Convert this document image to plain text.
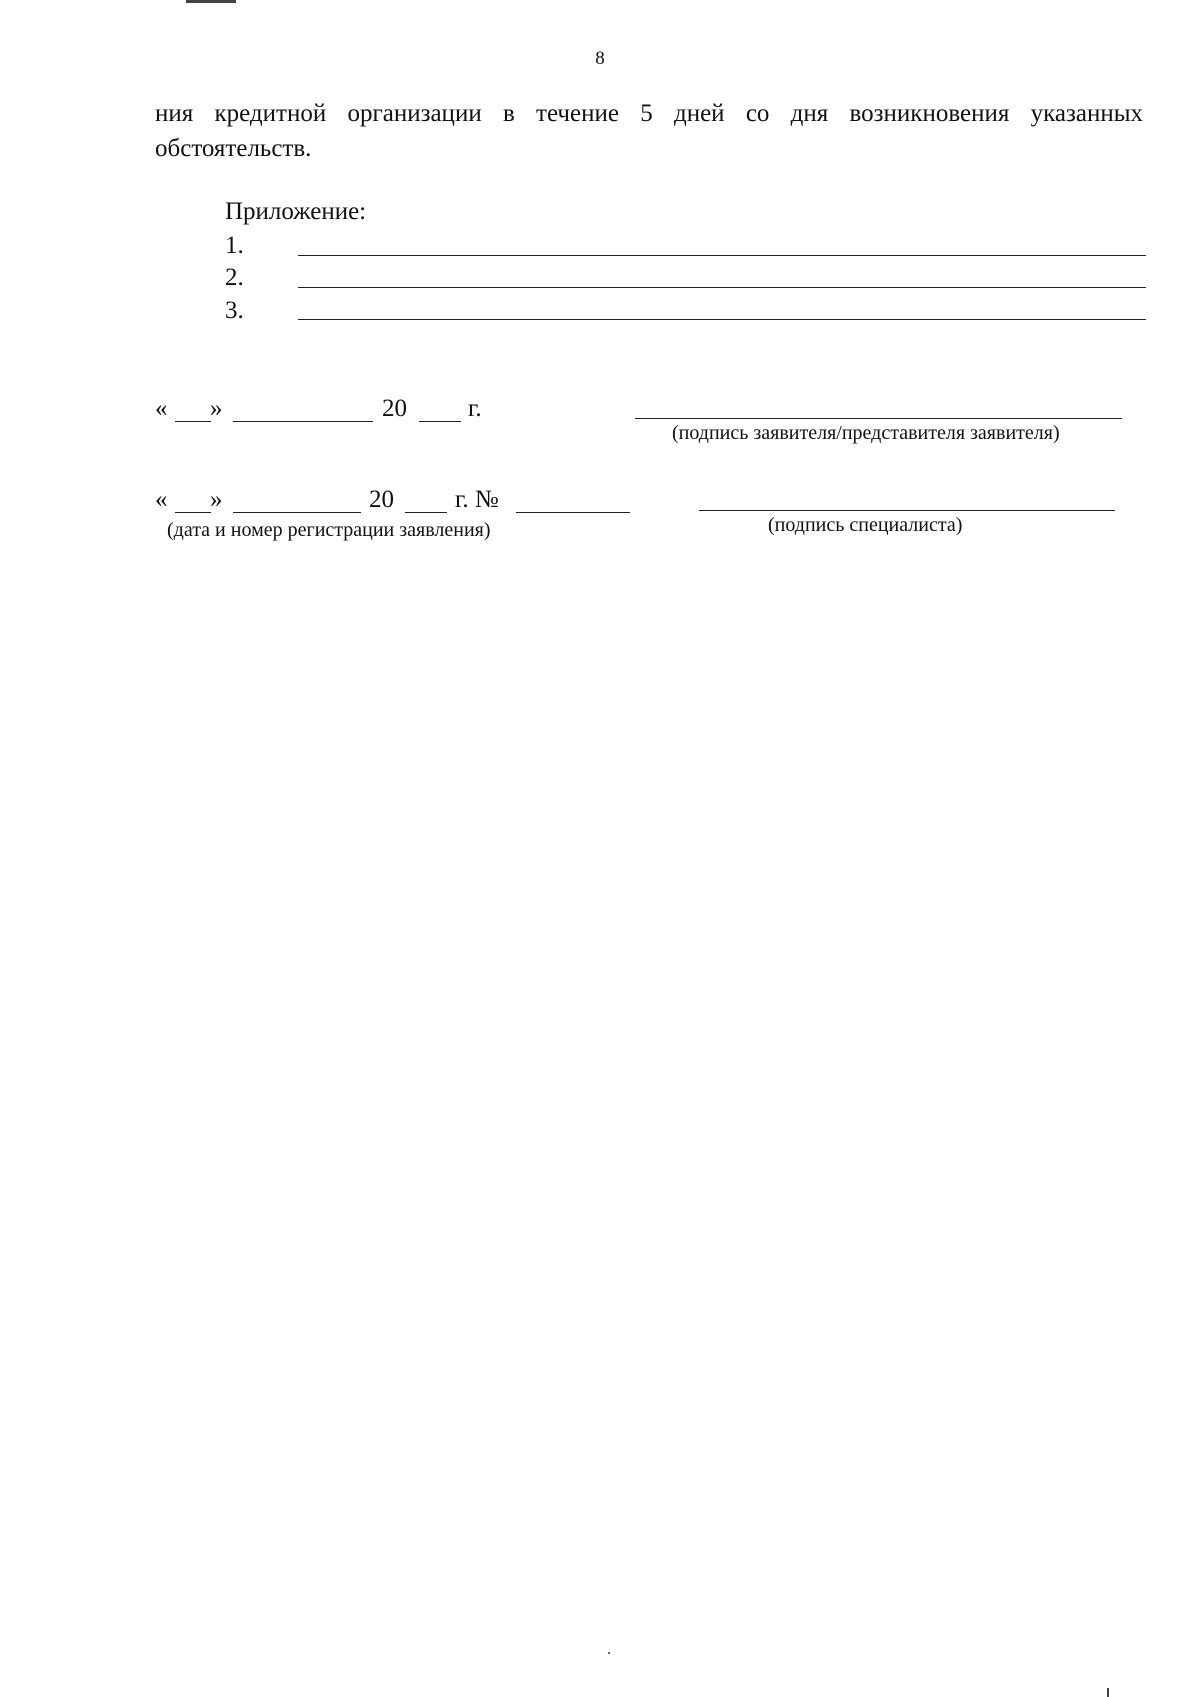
8

ния кредитной организации в течение 5 дней со дня возникновения указанных обстоятельств.

Приложение:
1.
2.
3.
« »	20 г.
(подпись заявителя/представителя заявителя)
« »	20 г. №
(дата и номер регистрации заявления)	(подпись специалиста)
